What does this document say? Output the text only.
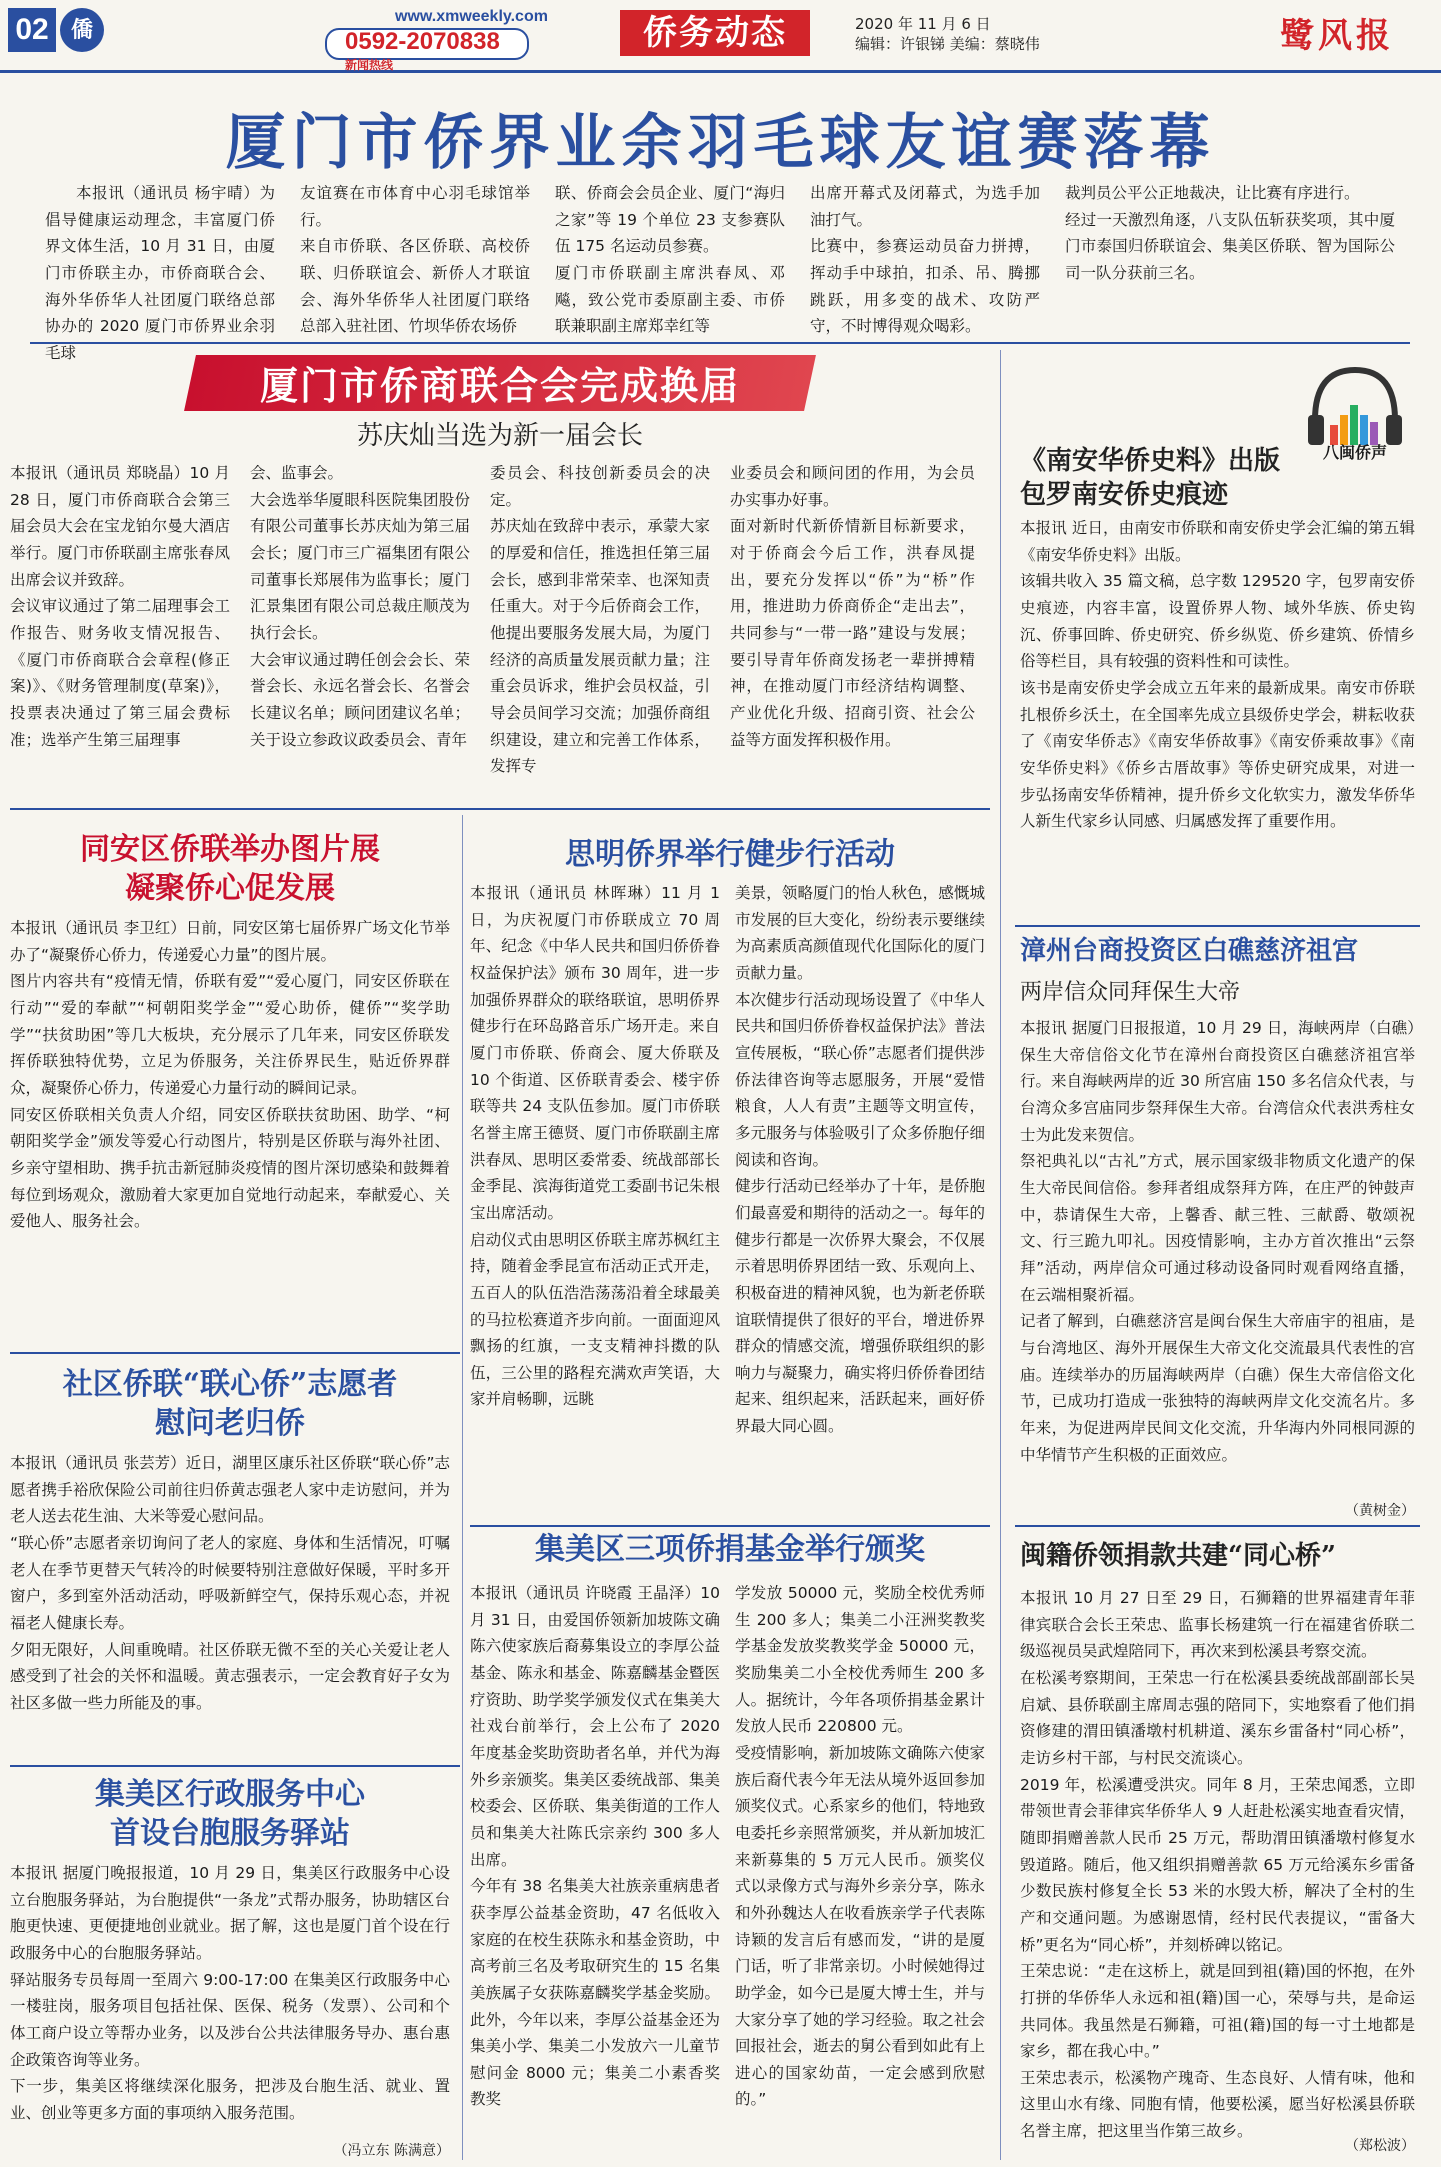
02	僑
www.xmweekly.com
0592-2070838
新闻热线
侨务动态	2020 年 11 月 6 日
编辑：许银锑 美编：蔡晓伟	鹭风报
厦门市侨界业余羽毛球友谊赛落幕

本报讯（通讯员 杨宇晴）为倡导健康运动理念，丰富厦门侨界文体生活，10 月 31 日，由厦门市侨联主办，市侨商联合会、海外华侨华人社团厦门联络总部协办的 2020 厦门市侨界业余羽毛球

友谊赛在市体育中心羽毛球馆举行。
来自市侨联、各区侨联、高校侨联、归侨联谊会、新侨人才联谊会、海外华侨华人社团厦门联络总部入驻社团、竹坝华侨农场侨
联、侨商会会员企业、厦门“海归之家”等 19 个单位 23 支参赛队伍 175 名运动员参赛。
厦门市侨联副主席洪春凤、邓飚，致公党市委原副主委、市侨联兼职副主席郑幸红等
出席开幕式及闭幕式，为选手加油打气。
比赛中，参赛运动员奋力拼搏，挥动手中球拍，扣杀、吊、腾挪跳跃，用多变的战术、攻防严守，不时博得观众喝彩。
裁判员公平公正地裁决，让比赛有序进行。
经过一天激烈角逐，八支队伍斩获奖项，其中厦门市泰国归侨联谊会、集美区侨联、智为国际公司一队分获前三名。
厦门市侨商联合会完成换届
苏庆灿当选为新一届会长
本报讯（通讯员 郑晓晶）10 月 28 日，厦门市侨商联合会第三届会员大会在宝龙铂尔曼大酒店举行。厦门市侨联副主席张春凤出席会议并致辞。
会议审议通过了第二届理事会工作报告、财务收支情况报告、《厦门市侨商联合会章程(修正案)》、《财务管理制度(草案)》，投票表决通过了第三届会费标准；选举产生第三届理事
会、监事会。
大会选举华厦眼科医院集团股份有限公司董事长苏庆灿为第三届会长；厦门市三广福集团有限公司董事长郑展伟为监事长；厦门汇景集团有限公司总裁庄顺茂为执行会长。
大会审议通过聘任创会会长、荣誉会长、永远名誉会长、名誉会长建议名单；顾问团建议名单；关于设立参政议政委员会、青年
委员会、科技创新委员会的决定。
苏庆灿在致辞中表示，承蒙大家的厚爱和信任，推选担任第三届会长，感到非常荣幸、也深知责任重大。对于今后侨商会工作，他提出要服务发展大局，为厦门经济的高质量发展贡献力量；注重会员诉求，维护会员权益，引导会员间学习交流；加强侨商组织建设，建立和完善工作体系，发挥专
业委员会和顾问团的作用，为会员办实事办好事。
面对新时代新侨情新目标新要求，对于侨商会今后工作，洪春凤提出，要充分发挥以“侨”为“桥”作用，推进助力侨商侨企“走出去”，共同参与“一带一路”建设与发展；要引导青年侨商发扬老一辈拼搏精神，在推动厦门市经济结构调整、产业优化升级、招商引资、社会公益等方面发挥积极作用。
八闽侨声
《南安华侨史料》出版
包罗南安侨史痕迹
本报讯 近日，由南安市侨联和南安侨史学会汇编的第五辑《南安华侨史料》出版。
该辑共收入 35 篇文稿，总字数 129520 字，包罗南安侨史痕迹，内容丰富，设置侨界人物、域外华族、侨史钩沉、侨事回眸、侨史研究、侨乡纵览、侨乡建筑、侨情乡俗等栏目，具有较强的资料性和可读性。
该书是南安侨史学会成立五年来的最新成果。南安市侨联扎根侨乡沃土，在全国率先成立县级侨史学会，耕耘收获了《南安华侨志》《南安华侨故事》《南安侨乘故事》《南安华侨史料》《侨乡古厝故事》等侨史研究成果，对进一步弘扬南安华侨精神，提升侨乡文化软实力，激发华侨华人新生代家乡认同感、归属感发挥了重要作用。
漳州台商投资区白礁慈济祖宫
两岸信众同拜保生大帝
本报讯 据厦门日报报道，10 月 29 日，海峡两岸（白礁）保生大帝信俗文化节在漳州台商投资区白礁慈济祖宫举行。来自海峡两岸的近 30 所宫庙 150 多名信众代表，与台湾众多宫庙同步祭拜保生大帝。台湾信众代表洪秀柱女士为此发来贺信。
祭祀典礼以“古礼”方式，展示国家级非物质文化遗产的保生大帝民间信俗。参拜者组成祭拜方阵，在庄严的钟鼓声中，恭请保生大帝，上馨香、献三牲、三献爵、敬颂祝文、行三跪九叩礼。因疫情影响，主办方首次推出“云祭拜”活动，两岸信众可通过移动设备同时观看网络直播，在云端相聚祈福。
记者了解到，白礁慈济宫是闽台保生大帝庙宇的祖庙，是与台湾地区、海外开展保生大帝文化交流最具代表性的宫庙。连续举办的历届海峡两岸（白礁）保生大帝信俗文化节，已成功打造成一张独特的海峡两岸文化交流名片。多年来，为促进两岸民间文化交流，升华海内外同根同源的中华情节产生积极的正面效应。
（黄树金）
闽籍侨领捐款共建“同心桥”
本报讯 10 月 27 日至 29 日，石狮籍的世界福建青年菲律宾联合会长王荣忠、监事长杨建筑一行在福建省侨联二级巡视员吴武煌陪同下，再次来到松溪县考察交流。
在松溪考察期间，王荣忠一行在松溪县委统战部副部长吴启斌、县侨联副主席周志强的陪同下，实地察看了他们捐资修建的渭田镇潘墩村机耕道、溪东乡雷备村“同心桥”，走访乡村干部，与村民交流谈心。
2019 年，松溪遭受洪灾。同年 8 月，王荣忠闻悉，立即带领世青会菲律宾华侨华人 9 人赶赴松溪实地查看灾情，随即捐赠善款人民币 25 万元，帮助渭田镇潘墩村修复水毁道路。随后，他又组织捐赠善款 65 万元给溪东乡雷备少数民族村修复全长 53 米的水毁大桥，解决了全村的生产和交通问题。为感谢恩情，经村民代表提议，“雷备大桥”更名为“同心桥”，并刻桥碑以铭记。
王荣忠说：“走在这桥上，就是回到祖(籍)国的怀抱，在外打拼的华侨华人永远和祖(籍)国一心，荣辱与共，是命运共同体。我虽然是石狮籍，可祖(籍)国的每一寸土地都是家乡，都在我心中。”
王荣忠表示，松溪物产瑰奇、生态良好、人情有味，他和这里山水有缘、同胞有情，他要松溪，愿当好松溪县侨联名誉主席，把这里当作第三故乡。
（郑松波）
同安区侨联举办图片展
凝聚侨心促发展
本报讯（通讯员 李卫红）日前，同安区第七届侨界广场文化节举办了“凝聚侨心侨力，传递爱心力量”的图片展。
图片内容共有“疫情无情，侨联有爱”“爱心厦门，同安区侨联在行动”“爱的奉献”“柯朝阳奖学金”“爱心助侨，健侨”“奖学助学”“扶贫助困”等几大板块，充分展示了几年来，同安区侨联发挥侨联独特优势，立足为侨服务，关注侨界民生，贴近侨界群众，凝聚侨心侨力，传递爱心力量行动的瞬间记录。
同安区侨联相关负责人介绍，同安区侨联扶贫助困、助学、“柯朝阳奖学金”颁发等爱心行动图片，特别是区侨联与海外社团、乡亲守望相助、携手抗击新冠肺炎疫情的图片深切感染和鼓舞着每位到场观众，激励着大家更加自觉地行动起来，奉献爱心、关爱他人、服务社会。
社区侨联“联心侨”志愿者
慰问老归侨
本报讯（通讯员 张芸芳）近日，湖里区康乐社区侨联“联心侨”志愿者携手裕欣保险公司前往归侨黄志强老人家中走访慰问，并为老人送去花生油、大米等爱心慰问品。
“联心侨”志愿者亲切询问了老人的家庭、身体和生活情况，叮嘱老人在季节更替天气转冷的时候要特别注意做好保暖，平时多开窗户，多到室外活动活动，呼吸新鲜空气，保持乐观心态，并祝福老人健康长寿。
夕阳无限好，人间重晚晴。社区侨联无微不至的关心关爱让老人感受到了社会的关怀和温暖。黄志强表示，一定会教育好子女为社区多做一些力所能及的事。
集美区行政服务中心
首设台胞服务驿站
本报讯 据厦门晚报报道，10 月 29 日，集美区行政服务中心设立台胞服务驿站，为台胞提供“一条龙”式帮办服务，协助辖区台胞更快速、更便捷地创业就业。据了解，这也是厦门首个设在行政服务中心的台胞服务驿站。
驿站服务专员每周一至周六 9:00-17:00 在集美区行政服务中心一楼驻岗，服务项目包括社保、医保、税务（发票）、公司和个体工商户设立等帮办业务，以及涉台公共法律服务导办、惠台惠企政策咨询等业务。
下一步，集美区将继续深化服务，把涉及台胞生活、就业、置业、创业等更多方面的事项纳入服务范围。
（冯立东 陈满意）
思明侨界举行健步行活动
本报讯（通讯员 林晖琳）11 月 1 日，为庆祝厦门市侨联成立 70 周年、纪念《中华人民共和国归侨侨眷权益保护法》颁布 30 周年，进一步加强侨界群众的联络联谊，思明侨界健步行在环岛路音乐广场开走。来自厦门市侨联、侨商会、厦大侨联及 10 个街道、区侨联青委会、楼宇侨联等共 24 支队伍参加。厦门市侨联名誉主席王德贤、厦门市侨联副主席洪春凤、思明区委常委、统战部部长金季昆、滨海街道党工委副书记朱根宝出席活动。
启动仪式由思明区侨联主席苏枫红主持，随着金季昆宣布活动正式开走，五百人的队伍浩浩荡荡沿着全球最美的马拉松赛道齐步向前。一面面迎风飘扬的红旗，一支支精神抖擞的队伍，三公里的路程充满欢声笑语，大家并肩畅聊，远眺
美景，领略厦门的怡人秋色，感慨城市发展的巨大变化，纷纷表示要继续为高素质高颜值现代化国际化的厦门贡献力量。
本次健步行活动现场设置了《中华人民共和国归侨侨眷权益保护法》普法宣传展板，“联心侨”志愿者们提供涉侨法律咨询等志愿服务，开展“爱惜粮食，人人有责”主题等文明宣传，多元服务与体验吸引了众多侨胞仔细阅读和咨询。
健步行活动已经举办了十年，是侨胞们最喜爱和期待的活动之一。每年的健步行都是一次侨界大聚会，不仅展示着思明侨界团结一致、乐观向上、积极奋进的精神风貌，也为新老侨联谊联情提供了很好的平台，增进侨界群众的情感交流，增强侨联组织的影响力与凝聚力，确实将归侨侨眷团结起来、组织起来，活跃起来，画好侨界最大同心圆。
集美区三项侨捐基金举行颁奖
本报讯（通讯员 许晓霞 王晶泽）10 月 31 日，由爱国侨领新加坡陈文确陈六使家族后裔募集设立的李厚公益基金、陈永和基金、陈嘉麟基金暨医疗资助、助学奖学颁发仪式在集美大社戏台前举行，会上公布了 2020 年度基金奖助资助者名单，并代为海外乡亲颁奖。集美区委统战部、集美校委会、区侨联、集美街道的工作人员和集美大社陈氏宗亲约 300 多人出席。
今年有 38 名集美大社族亲重病患者获李厚公益基金资助，47 名低收入家庭的在校生获陈永和基金资助，中高考前三名及考取研究生的 15 名集美族属子女获陈嘉麟奖学基金奖励。此外，今年以来，李厚公益基金还为集美小学、集美二小发放六一儿童节慰问金 8000 元；集美二小素香奖教奖
学发放 50000 元，奖励全校优秀师生 200 多人；集美二小汪洲奖教奖学基金发放奖教奖学金 50000 元，奖励集美二小全校优秀师生 200 多人。据统计，今年各项侨捐基金累计发放人民币 220800 元。
受疫情影响，新加坡陈文确陈六使家族后裔代表今年无法从境外返回参加颁奖仪式。心系家乡的他们，特地致电委托乡亲照常颁奖，并从新加坡汇来新募集的 5 万元人民币。颁奖仪式以录像方式与海外乡亲分享，陈永和外孙魏达人在收看族亲学子代表陈诗颖的发言后有感而发，“讲的是厦门话，听了非常亲切。小时候她得过助学金，如今已是厦大博士生，并与大家分享了她的学习经验。取之社会回报社会，逝去的舅公看到如此有上进心的国家幼苗，一定会感到欣慰的。”
